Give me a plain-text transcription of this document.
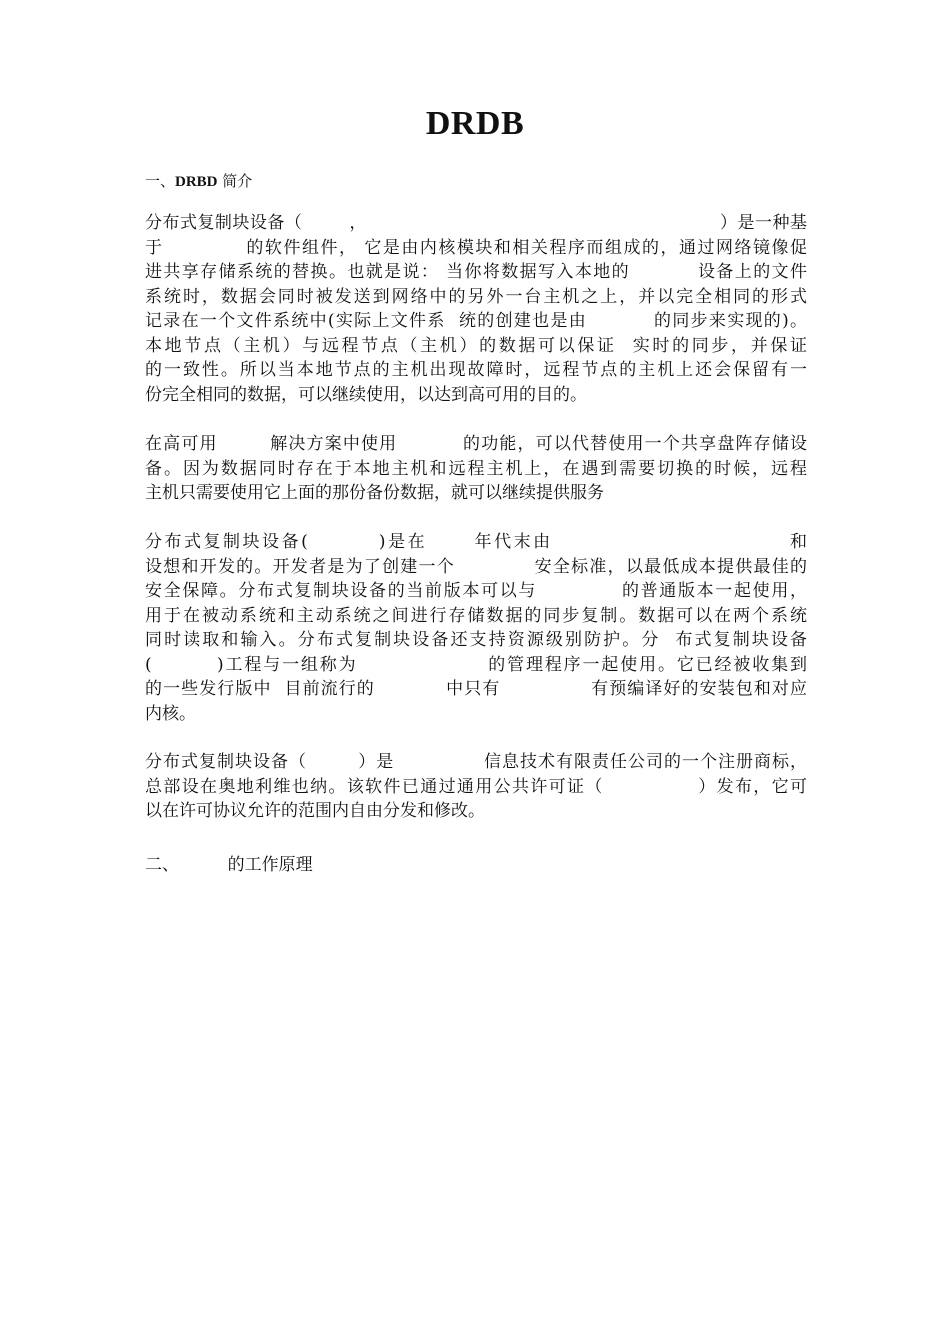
DRDB
一、DRBD 简介
分布式复制块设备（        ，                                                            ）是一种基
于            的软件组件， 它是由内核模块和相关程序而组成的，通过网络镜像促
进共享存储系统的替换。也就是说： 当你将数据写入本地的          设备上的文件
系统时，数据会同时被发送到网络中的另外一台主机之上，并以完全相同的形式
记录在一个文件系统中(实际上文件系  统的创建也是由          的同步来实现的)。
本地节点（主机）与远程节点（主机）的数据可以保证  实时的同步，并保证
的一致性。所以当本地节点的主机出现故障时，远程节点的主机上还会保留有一
份完全相同的数据，可以继续使用，以达到高可用的目的。
在高可用        解决方案中使用          的功能，可以代替使用一个共享盘阵存储设
备。因为数据同时存在于本地主机和远程主机上，在遇到需要切换的时候，远程
主机只需要使用它上面的那份备份数据，就可以继续提供服务
分布式复制块设备(         )是在      年代末由                              和
设想和开发的。开发者是为了创建一个            安全标准，以最低成本提供最佳的
安全保障。分布式复制块设备的当前版本可以与            的普通版本一起使用，
用于在被动系统和主动系统之间进行存储数据的同步复制。数据可以在两个系统
同时读取和输入。分布式复制块设备还支持资源级别防护。分  布式复制块设备
(         )工程与一组称为                  的管理程序一起使用。它已经被收集到
的一些发行版中  目前流行的           中只有              有预编译好的安装包和对应
内核。
分布式复制块设备（        ）是              信息技术有限责任公司的一个注册商标，
总部设在奥地利维也纳。该软件已通过通用公共许可证（              ）发布，它可
以在许可协议允许的范围内自由分发和修改。
二、         的工作原理
